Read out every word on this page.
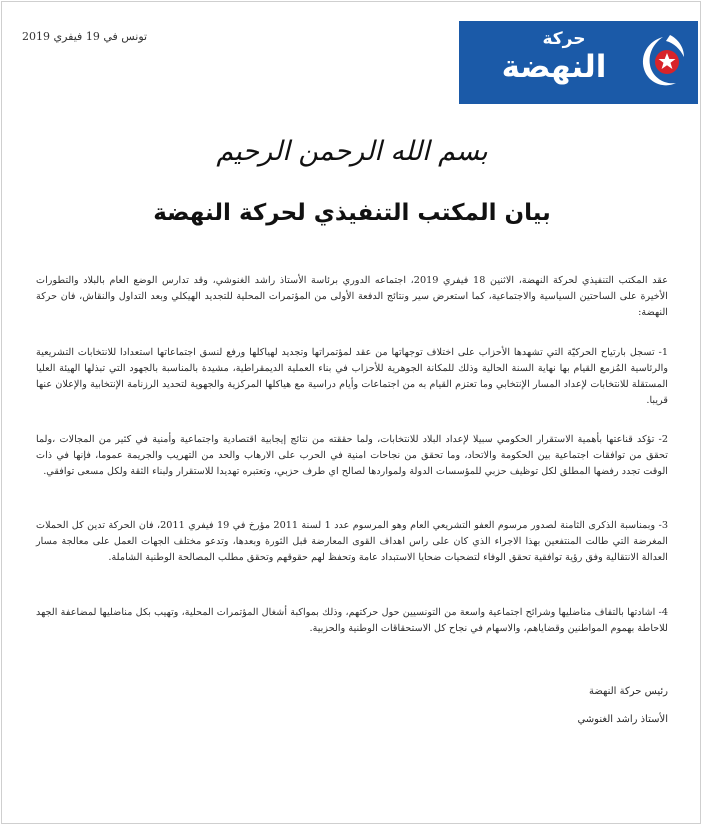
تونس في 19 فيفري 2019	حركة
النهضة
بسم الله الرحمن الرحيم
بيان المكتب التنفيذي لحركة النهضة
عقد المكتب التنفيذي لحركة النهضة، الاثنين 18 فيفري 2019، اجتماعه الدوري برئاسة الأستاذ راشد الغنوشي، وقد تدارس الوضع العام بالبلاد والتطورات الأخيرة على الساحتين السياسية والاجتماعية، كما استعرض سير ونتائج الدفعة الأولى من المؤتمرات المحلية للتجديد الهيكلي وبعد التداول والنقاش، فان حركة النهضة:
1- تسجل بارتياح الحركيّة التي تشهدها الأحزاب على اختلاف توجهاتها من عقد لمؤتمراتها وتجديد لهياكلها ورفع لنسق اجتماعاتها استعدادا للانتخابات التشريعية والرئاسية المُزمع القيام بها نهاية السنة الحالية وذلك للمكانة الجوهرية للأحزاب في بناء العملية الديمقراطية، مشيدة بالمناسبة بالجهود التي تبذلها الهيئة العليا المستقلة للانتخابات لإعداد المسار الإنتخابي وما تعتزم القيام به من اجتماعات وأيام دراسية مع هياكلها المركزية والجهوية لتحديد الرزنامة الإنتخابية والإعلان عنها قريبا.
2- تؤكد قناعتها بأهمية الاستقرار الحكومي سبيلا لإعداد البلاد للانتخابات، ولما حققته من نتائج إيجابية اقتصادية واجتماعية وأمنية في كثير من المجالات ،ولما تحقق من توافقات اجتماعية بين الحكومة والاتحاد، وما تحقق من نجاحات امنية في الحرب على الارهاب والحد من التهريب والجريمة عموما، فإنها في ذات الوقت تجدد رفضها المطلق لكل توظيف حزبي للمؤسسات الدولة ولمواردها لصالح اي طرف حزبي، وتعتبره تهديدا للاستقرار ولبناء الثقة ولكل مسعى توافقي.
3- وبمناسبة الذكرى الثامنة لصدور مرسوم العفو التشريعي العام وهو المرسوم عدد 1 لسنة 2011 مؤرخ في 19 فيفري 2011، فان الحركة تدين كل الحملات المغرضة التي طالت المنتفعين بهذا الاجراء الذي كان على راس اهداف القوى المعارضة قبل الثورة وبعدها، وتدعو مختلف الجهات العمل على معالجة مسار العدالة الانتقالية وفق رؤية توافقية تحقق الوفاء لتضحيات ضحايا الاستبداد عامة وتحفظ لهم حقوقهم وتحقق مطلب المصالحة الوطنية الشاملة.
4- اشادتها بالتفاف مناضليها وشرائح اجتماعية واسعة من التونسيين حول حركتهم، وذلك بمواكبة أشغال المؤتمرات المحلية، وتهيب بكل مناضليها لمضاعفة الجهد للاحاطة بهموم المواطنين وقضاياهم، والاسهام في نجاح كل الاستحقاقات الوطنية والحزبية.
رئيس حركة النهضة
الأستاذ راشد الغنوشي
